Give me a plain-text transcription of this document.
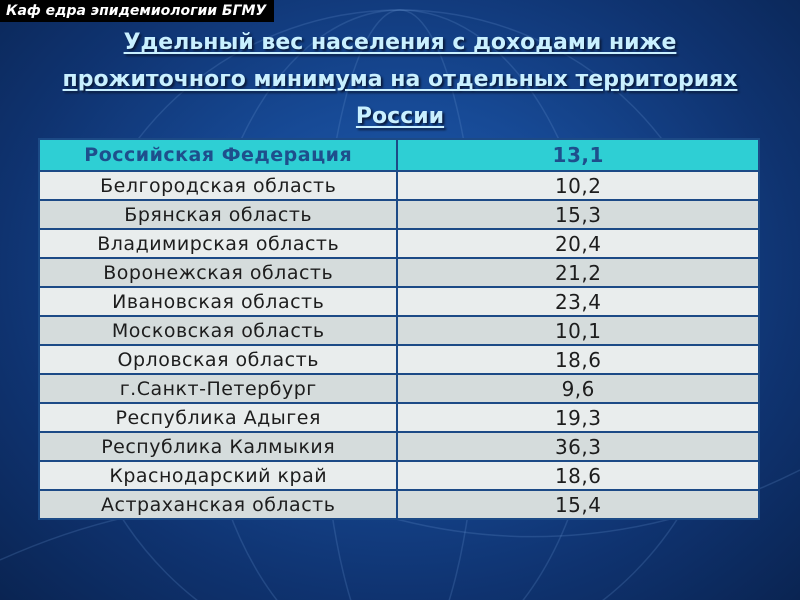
Каф едра эпидемиологии БГМУ
Удельный вес населения с доходами ниже прожиточного минимума на отдельных территориях России
Российская Федерация	13,1
Белгородская область	10,2
Брянская область	15,3
Владимирская область	20,4
Воронежская область	21,2
Ивановская область	23,4
Московская область	10,1
Орловская область	18,6
г.Санкт-Петербург	9,6
Республика Адыгея	19,3
Республика Калмыкия	36,3
Краснодарский край	18,6
Астраханская область	15,4
